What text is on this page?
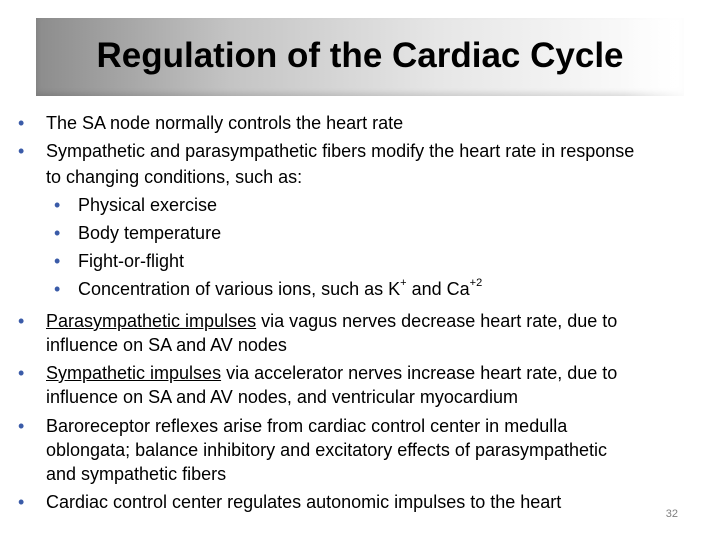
Regulation of the Cardiac Cycle
• The SA node normally controls the heart rate
• Sympathetic and parasympathetic fibers modify the heart rate in response
to changing conditions, such as:
• Physical exercise
• Body temperature
• Fight-or-flight
• Concentration of various ions, such as K+ and $Ca^{+2}$
• Parasympathetic impulses via vagus nerves decrease heart rate, due to
influence on SA and AV nodes
• Sympathetic impulses via accelerator nerves increase heart rate, due to
influence on SA and AV nodes, and ventricular myocardium
• Baroreceptor reflexes arise from cardiac control center in medulla
oblongata; balance inhibitory and excitatory effects of parasympathetic
and sympathetic fibers
• Cardiac control center regulates autonomic impulses to the heart
32
